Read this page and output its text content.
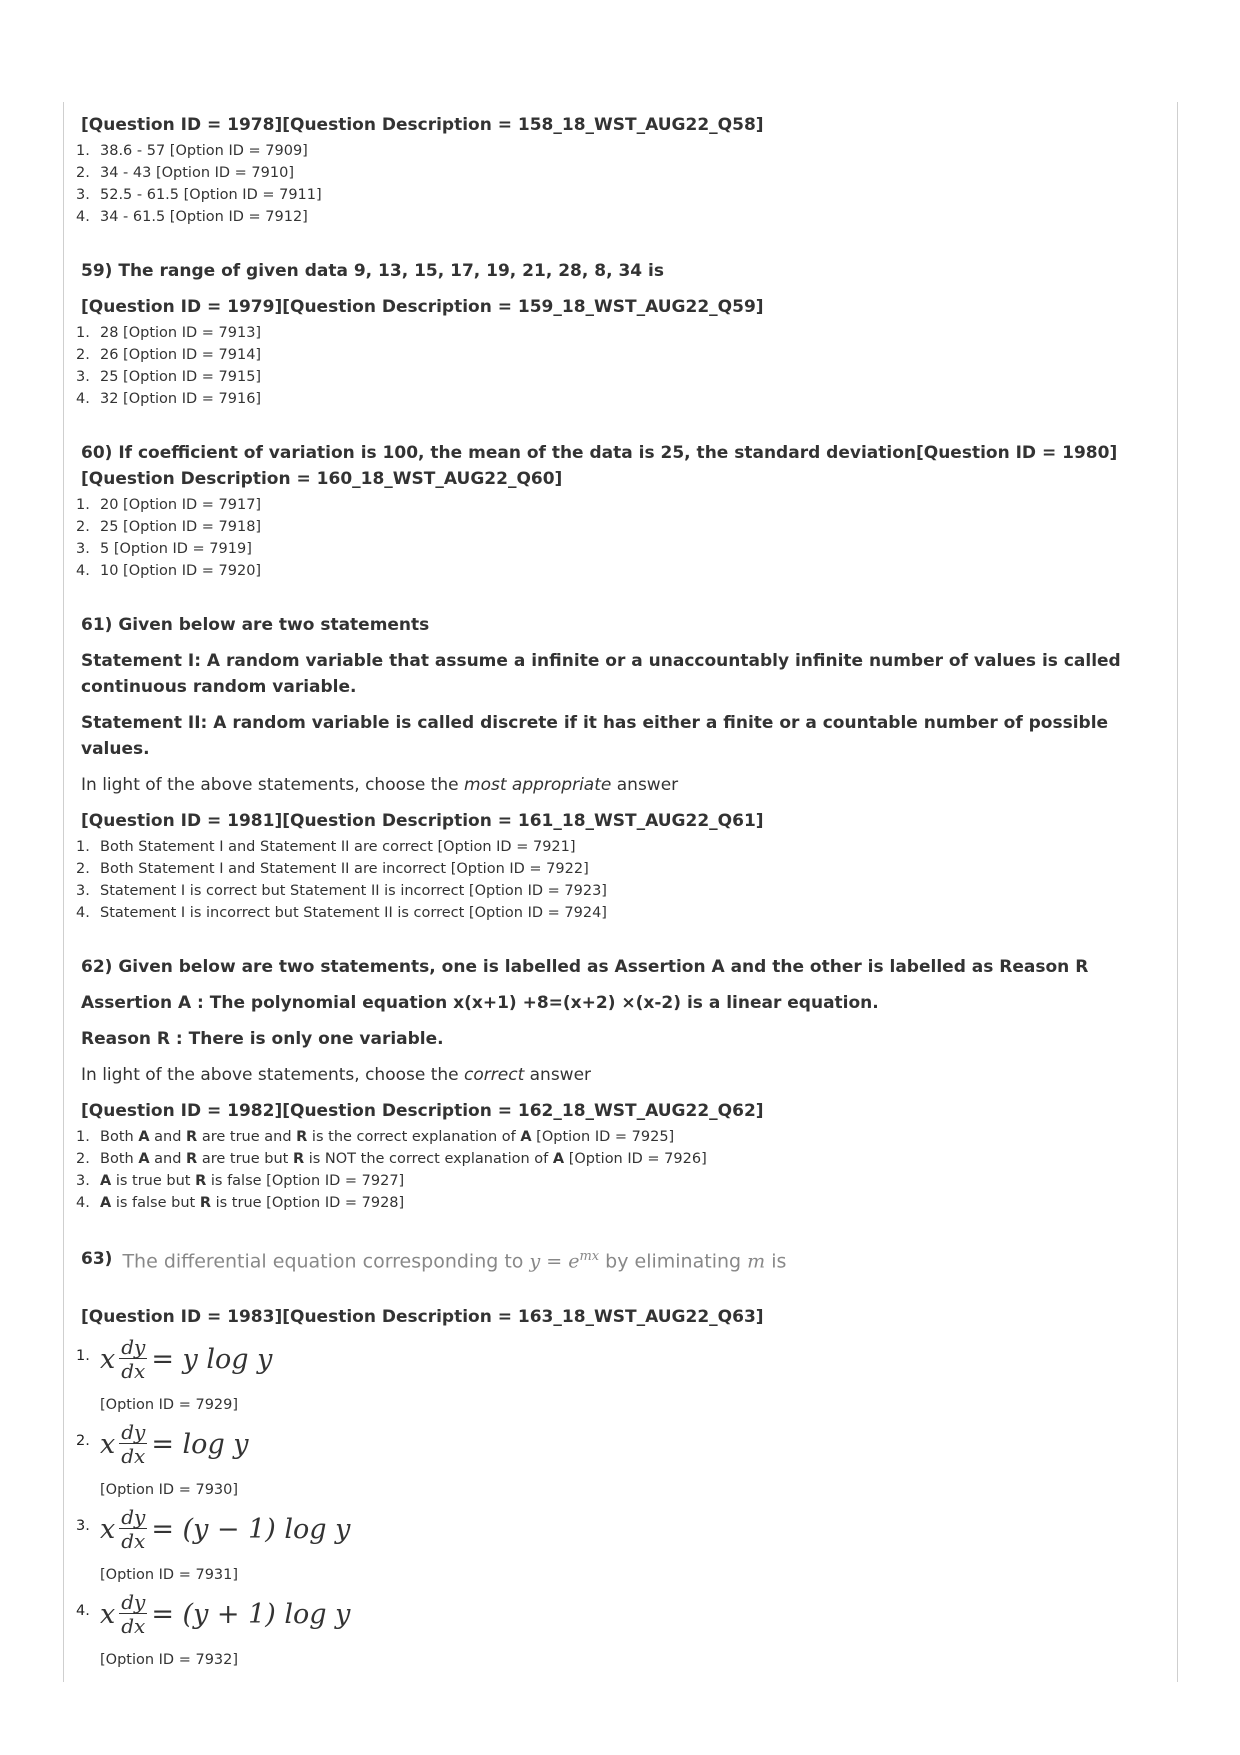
[Question ID = 1978][Question Description = 158_18_WST_AUG22_Q58]
1. 38.6 - 57 [Option ID = 7909]
2. 34 - 43 [Option ID = 7910]
3. 52.5 - 61.5 [Option ID = 7911]
4. 34 - 61.5 [Option ID = 7912]
59) The range of given data 9, 13, 15, 17, 19, 21, 28, 8, 34 is
[Question ID = 1979][Question Description = 159_18_WST_AUG22_Q59]
1. 28 [Option ID = 7913]
2. 26 [Option ID = 7914]
3. 25 [Option ID = 7915]
4. 32 [Option ID = 7916]
60) If coefficient of variation is 100, the mean of the data is 25, the standard deviation[Question ID = 1980][Question Description = 160_18_WST_AUG22_Q60]
1. 20 [Option ID = 7917]
2. 25 [Option ID = 7918]
3. 5 [Option ID = 7919]
4. 10 [Option ID = 7920]
61) Given below are two statements
Statement I: A random variable that assume a infinite or a unaccountably infinite number of values is called continuous random variable.
Statement II: A random variable is called discrete if it has either a finite or a countable number of possible values.
In light of the above statements, choose the most appropriate answer
[Question ID = 1981][Question Description = 161_18_WST_AUG22_Q61]
1. Both Statement I and Statement II are correct [Option ID = 7921]
2. Both Statement I and Statement II are incorrect [Option ID = 7922]
3. Statement I is correct but Statement II is incorrect [Option ID = 7923]
4. Statement I is incorrect but Statement II is correct [Option ID = 7924]
62) Given below are two statements, one is labelled as Assertion A and the other is labelled as Reason R
Assertion A : The polynomial equation x(x+1) +8=(x+2) ×(x-2) is a linear equation.
Reason R : There is only one variable.
In light of the above statements, choose the correct answer
[Question ID = 1982][Question Description = 162_18_WST_AUG22_Q62]
1. Both A and R are true and R is the correct explanation of A [Option ID = 7925]
2. Both A and R are true but R is NOT the correct explanation of A [Option ID = 7926]
3. A is true but R is false [Option ID = 7927]
4. A is false but R is true [Option ID = 7928]
63) The differential equation corresponding to $y = e^{mx}$ by eliminating m is
[Question ID = 1983][Question Description = 163_18_WST_AUG22_Q63]
1. x $\frac{dy}{dx} = y$ log y
[Option ID = 7929]
2. x $\frac{dy}{dx} = \log y$
[Option ID = 7930]
3. x $\frac{dy}{dx} = (y - 1)$ log y
[Option ID = 7931]
4. x $\frac{dy}{dx} = (y + 1)$ log y
[Option ID = 7932]
